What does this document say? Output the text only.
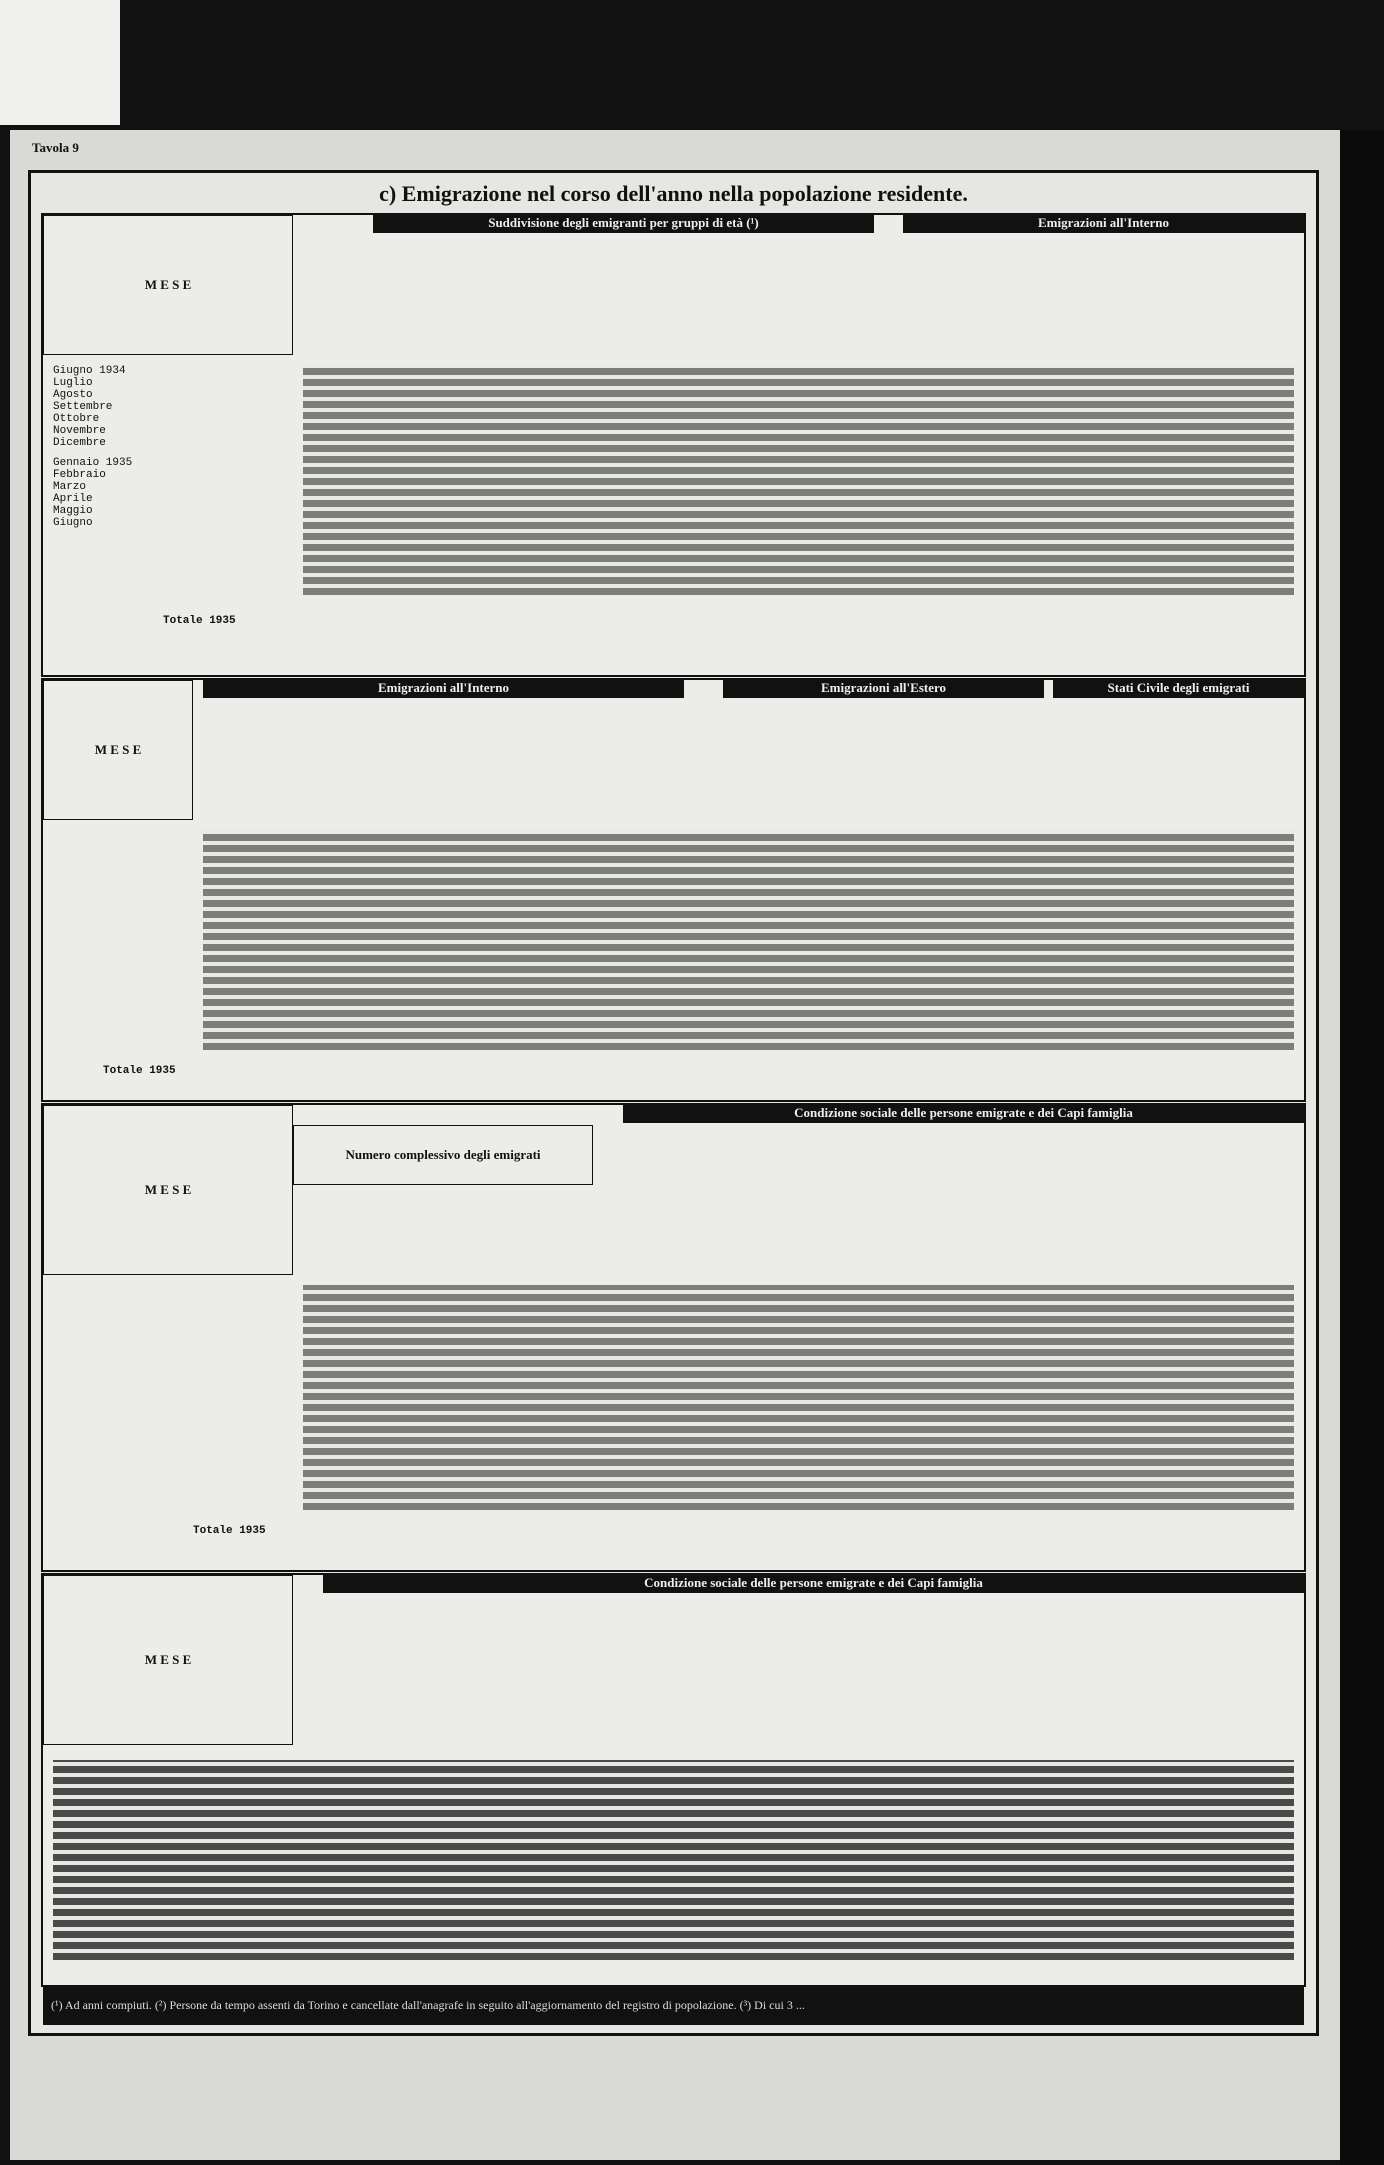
Tavola 9
c) Emigrazione nel corso dell'anno nella popolazione residente.
Suddivisione degli emigranti per gruppi di età (¹)	Emigrazioni all'Interno
M E S E
Giugno 1934
Luglio
Agosto
Settembre
Ottobre
Novembre
Dicembre
Gennaio 1935
Febbraio
Marzo
Aprile
Maggio
Giugno
Totale 1935
Emigrazioni all'Interno	Emigrazioni all'Estero	Stati Civile degli emigrati
M E S E
Totale 1935
Numero complessivo degli emigrati
Condizione sociale delle persone emigrate e dei Capi famiglia
M E S E
Totale 1935
Condizione sociale delle persone emigrate e dei Capi famiglia
M E S E
(¹) Ad anni compiuti. (²) Persone da tempo assenti da Torino e cancellate dall'anagrafe in seguito all'aggiornamento del registro di popolazione. (³) Di cui 3 ...
